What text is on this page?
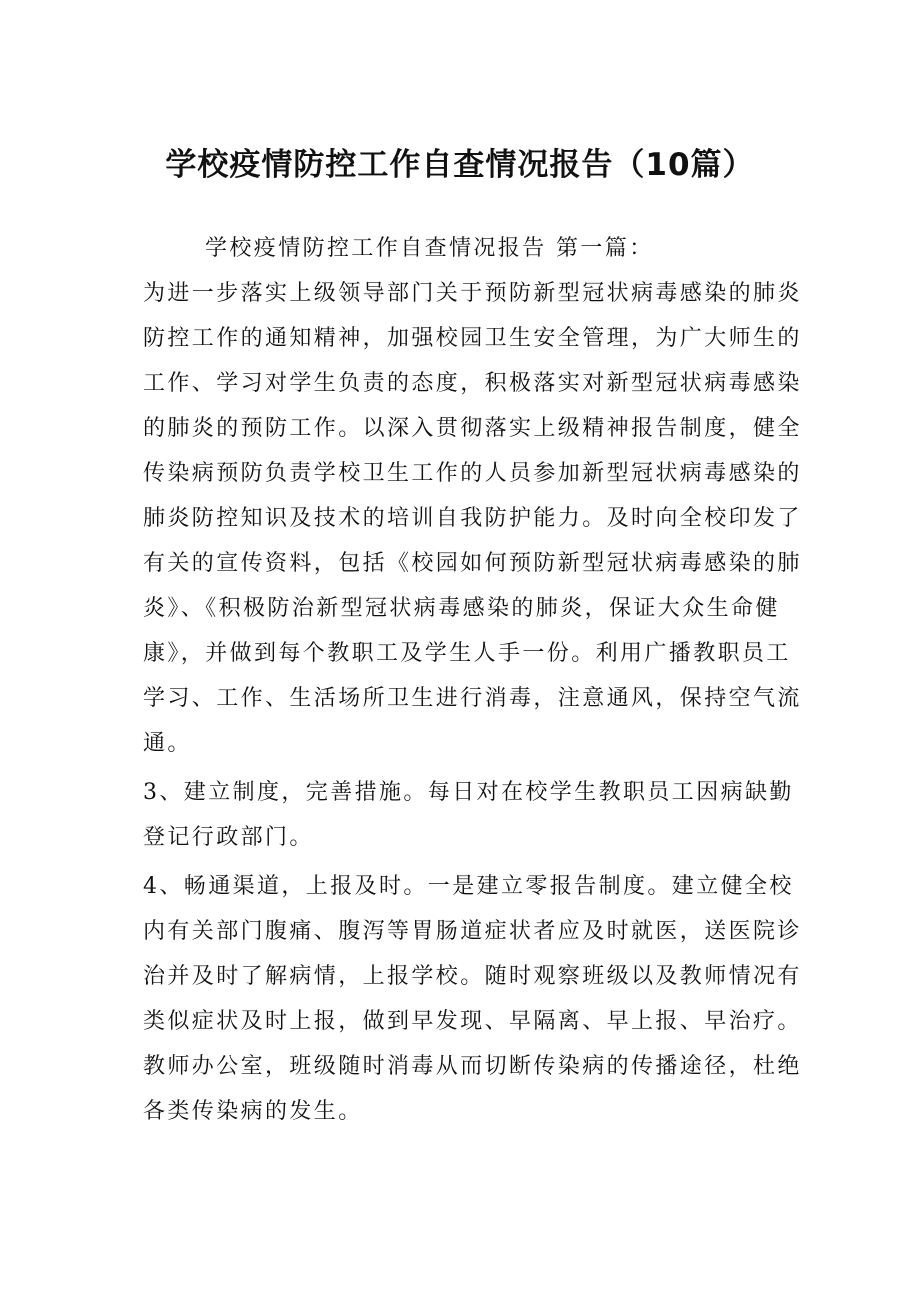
学校疫情防控工作自查情况报告（10篇）

学校疫情防控工作自查情况报告 第一篇：

为进一步落实上级领导部门关于预防新型冠状病毒感染的肺炎防控工作的通知精神，加强校园卫生安全管理，为广大师生的工作、学习对学生负责的态度，积极落实对新型冠状病毒感染的肺炎的预防工作。以深入贯彻落实上级精神报告制度，健全传染病预防负责学校卫生工作的人员参加新型冠状病毒感染的肺炎防控知识及技术的培训自我防护能力。及时向全校印发了有关的宣传资料，包括《校园如何预防新型冠状病毒感染的肺炎》、《积极防治新型冠状病毒感染的肺炎，保证大众生命健康》，并做到每个教职工及学生人手一份。利用广播教职员工学习、工作、生活场所卫生进行消毒，注意通风，保持空气流通。

3、建立制度，完善措施。每日对在校学生教职员工因病缺勤登记行政部门。

4、畅通渠道，上报及时。一是建立零报告制度。建立健全校内有关部门腹痛、腹泻等胃肠道症状者应及时就医，送医院诊治并及时了解病情，上报学校。随时观察班级以及教师情况有类似症状及时上报，做到早发现、早隔离、早上报、早治疗。教师办公室，班级随时消毒从而切断传染病的传播途径，杜绝各类传染病的发生。
